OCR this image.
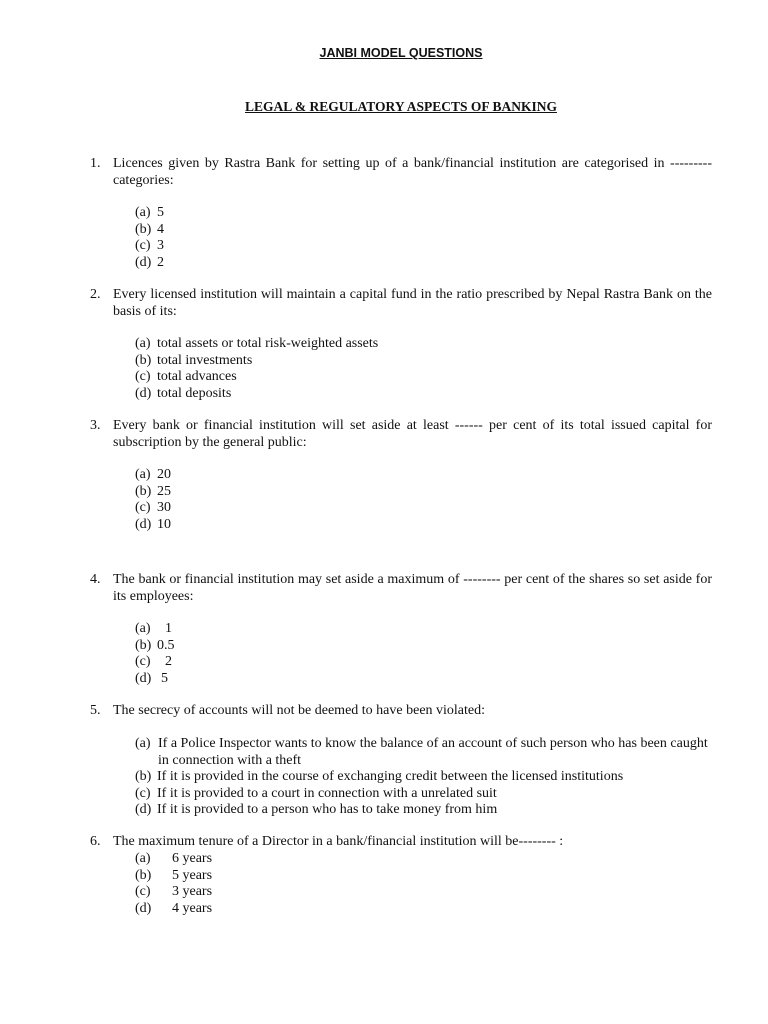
JANBI MODEL QUESTIONS
LEGAL & REGULATORY ASPECTS OF BANKING
1. Licences given by Rastra Bank for setting up of a bank/financial institution are categorised in --------- categories:
(a) 5
(b) 4
(c) 3
(d) 2
2. Every licensed institution will maintain a capital fund in the ratio prescribed by Nepal Rastra Bank on the basis of its:
(a) total assets or total risk-weighted assets
(b) total investments
(c) total advances
(d) total deposits
3. Every bank or financial institution will set aside at least ------ per cent of its total issued capital for subscription by the general public:
(a) 20
(b) 25
(c) 30
(d) 10
4. The bank or financial institution may set aside a maximum of -------- per cent of the shares so set aside for its employees:
(a) 1
(b) 0.5
(c) 2
(d) 5
5. The secrecy of accounts will not be deemed to have been violated:
(a) If a Police Inspector wants to know the balance of an account of such person who has been caught in connection with a theft
(b) If it is provided in the course of exchanging credit between the licensed institutions
(c) If it is provided to a court in connection with a unrelated suit
(d) If it is provided to a person who has to take money from him
6. The maximum tenure of a Director in a bank/financial institution will be-------- :
(a) 6 years
(b) 5 years
(c) 3 years
(d) 4 years
